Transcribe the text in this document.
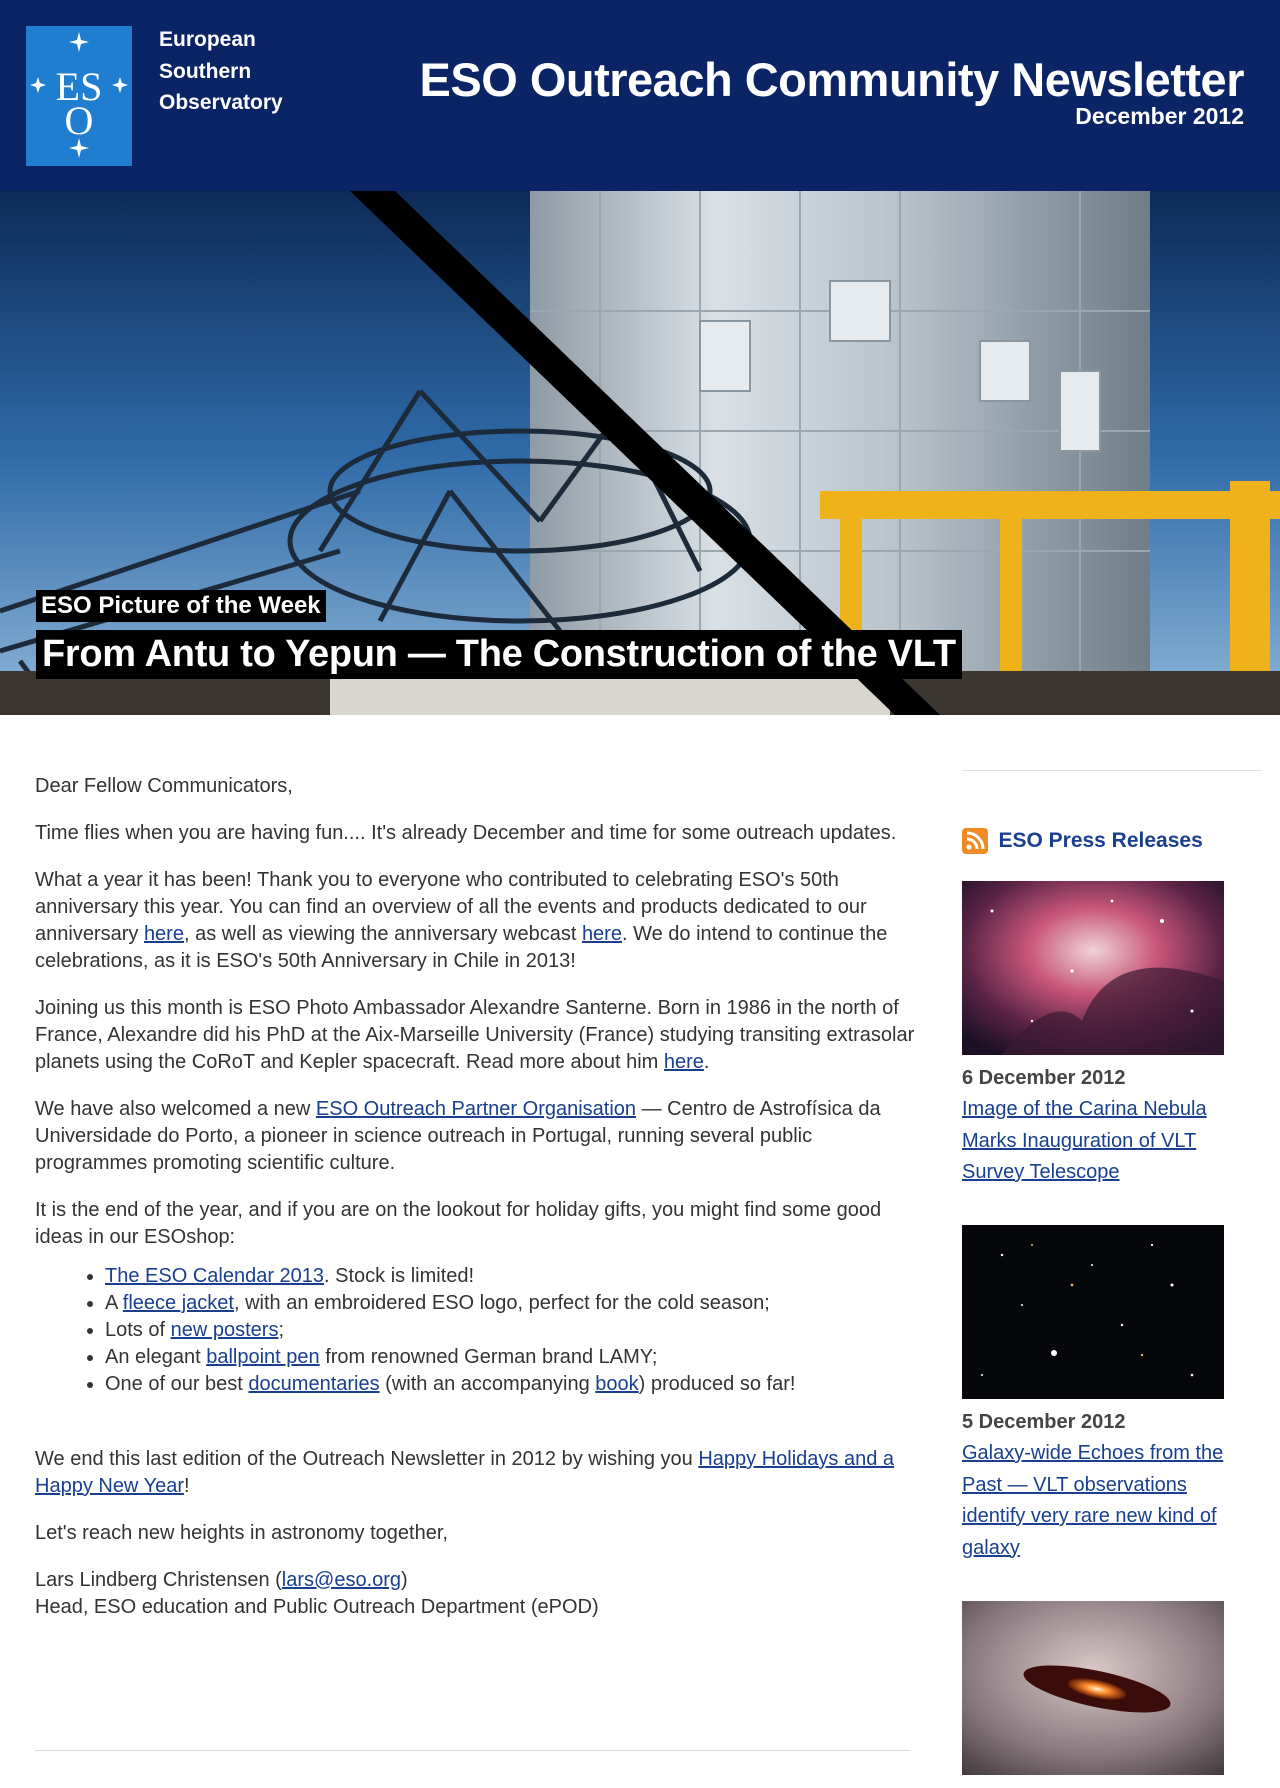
ES
O
European
Southern
Observatory	ESO Outreach Community Newsletter
December 2012
ESO Picture of the Week
From Antu to Yepun — The Construction of the VLT

Dear Fellow Communicators,

Time flies when you are having fun.... It's already December and time for some outreach updates.

What a year it has been! Thank you to everyone who contributed to celebrating ESO's 50th anniversary this year. You can find an overview of all the events and products dedicated to our anniversary here, as well as viewing the anniversary webcast here. We do intend to continue the celebrations, as it is ESO's 50th Anniversary in Chile in 2013!

Joining us this month is ESO Photo Ambassador Alexandre Santerne. Born in 1986 in the north of France, Alexandre did his PhD at the Aix-Marseille University (France) studying transiting extrasolar planets using the CoRoT and Kepler spacecraft. Read more about him here.

We have also welcomed a new ESO Outreach Partner Organisation — Centro de Astrofísica da Universidade do Porto, a pioneer in science outreach in Portugal, running several public programmes promoting scientific culture.

It is the end of the year, and if you are on the lookout for holiday gifts, you might find some good ideas in our ESOshop:

• The ESO Calendar 2013. Stock is limited!
• A fleece jacket, with an embroidered ESO logo, perfect for the cold season;
• Lots of new posters;
• An elegant ballpoint pen from renowned German brand LAMY;
• One of our best documentaries (with an accompanying book) produced so far!

We end this last edition of the Outreach Newsletter in 2012 by wishing you Happy Holidays and a Happy New Year!

Let's reach new heights in astronomy together,

Lars Lindberg Christensen (lars@eso.org)
Head, ESO education and Public Outreach Department (ePOD)

ESO Press Releases
6 December 2012
Image of the Carina Nebula Marks Inauguration of VLT Survey Telescope
5 December 2012
Galaxy-wide Echoes from the Past — VLT observations identify very rare new kind of galaxy
